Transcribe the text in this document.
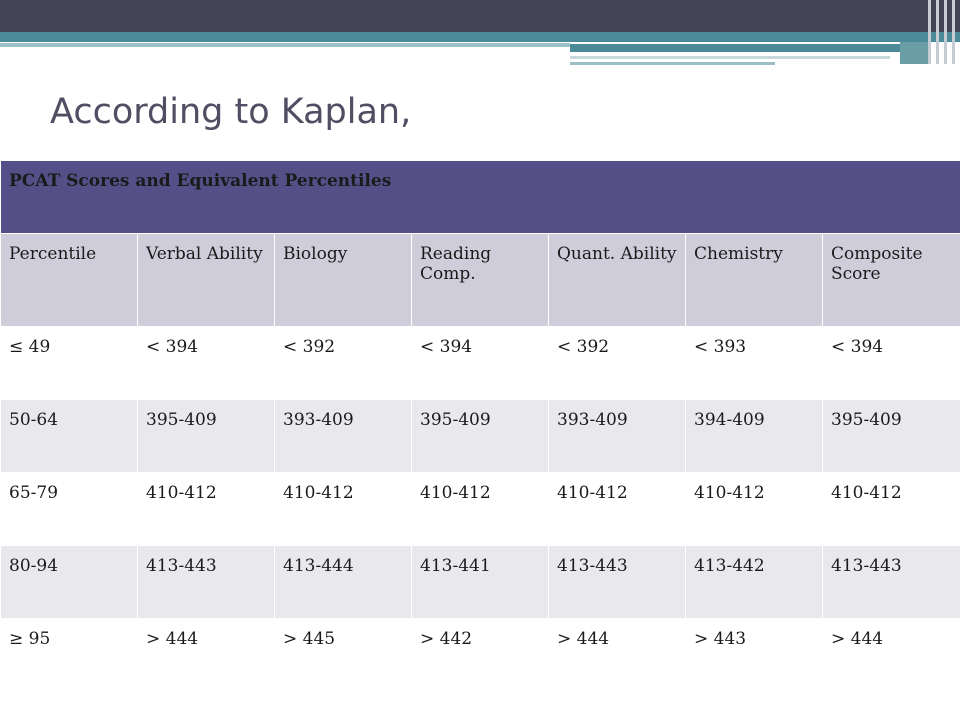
According to Kaplan,
PCAT Scores and Equivalent Percentiles						
Percentile	Verbal Ability	Biology	Reading Comp.	Quant. Ability	Chemistry	Composite Score
≤ 49	< 394	< 392	< 394	< 392	< 393	< 394
50-64	395-409	393-409	395-409	393-409	394-409	395-409
65-79	410-412	410-412	410-412	410-412	410-412	410-412
80-94	413-443	413-444	413-441	413-443	413-442	413-443
≥ 95	> 444	> 445	> 442	> 444	> 443	> 444
